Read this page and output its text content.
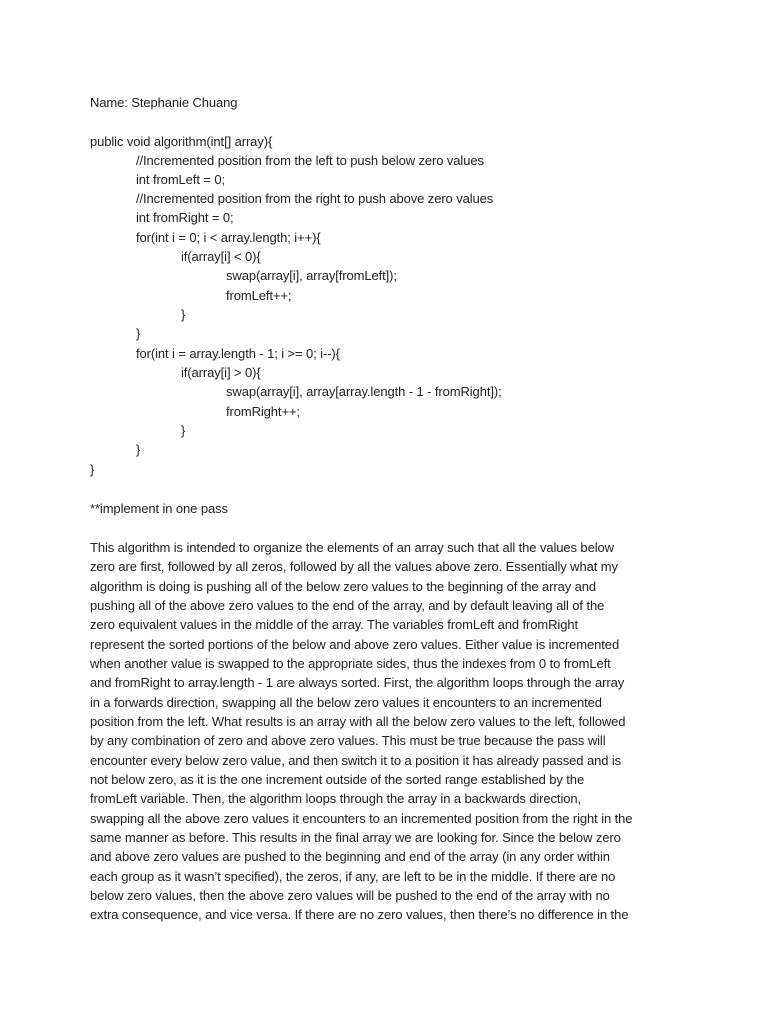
Name: Stephanie Chuang
public void algorithm(int[] array){
//Incremented position from the left to push below zero values
int fromLeft = 0;
//Incremented position from the right to push above zero values
int fromRight = 0;
for(int i = 0; i < array.length; i++){
if(array[i] < 0){
swap(array[i], array[fromLeft]);
fromLeft++;
}
}
for(int i = array.length - 1; i >= 0; i--){
if(array[i] > 0){
swap(array[i], array[array.length - 1 - fromRight]);
fromRight++;
}
}
}
**implement in one pass
This algorithm is intended to organize the elements of an array such that all the values below
zero are first, followed by all zeros, followed by all the values above zero. Essentially what my
algorithm is doing is pushing all of the below zero values to the beginning of the array and
pushing all of the above zero values to the end of the array, and by default leaving all of the
zero equivalent values in the middle of the array. The variables fromLeft and fromRight
represent the sorted portions of the below and above zero values. Either value is incremented
when another value is swapped to the appropriate sides, thus the indexes from 0 to fromLeft
and fromRight to array.length - 1 are always sorted. First, the algorithm loops through the array
in a forwards direction, swapping all the below zero values it encounters to an incremented
position from the left. What results is an array with all the below zero values to the left, followed
by any combination of zero and above zero values. This must be true because the pass will
encounter every below zero value, and then switch it to a position it has already passed and is
not below zero, as it is the one increment outside of the sorted range established by the
fromLeft variable. Then, the algorithm loops through the array in a backwards direction,
swapping all the above zero values it encounters to an incremented position from the right in the
same manner as before. This results in the final array we are looking for. Since the below zero
and above zero values are pushed to the beginning and end of the array (in any order within
each group as it wasn’t specified), the zeros, if any, are left to be in the middle. If there are no
below zero values, then the above zero values will be pushed to the end of the array with no
extra consequence, and vice versa. If there are no zero values, then there’s no difference in the
